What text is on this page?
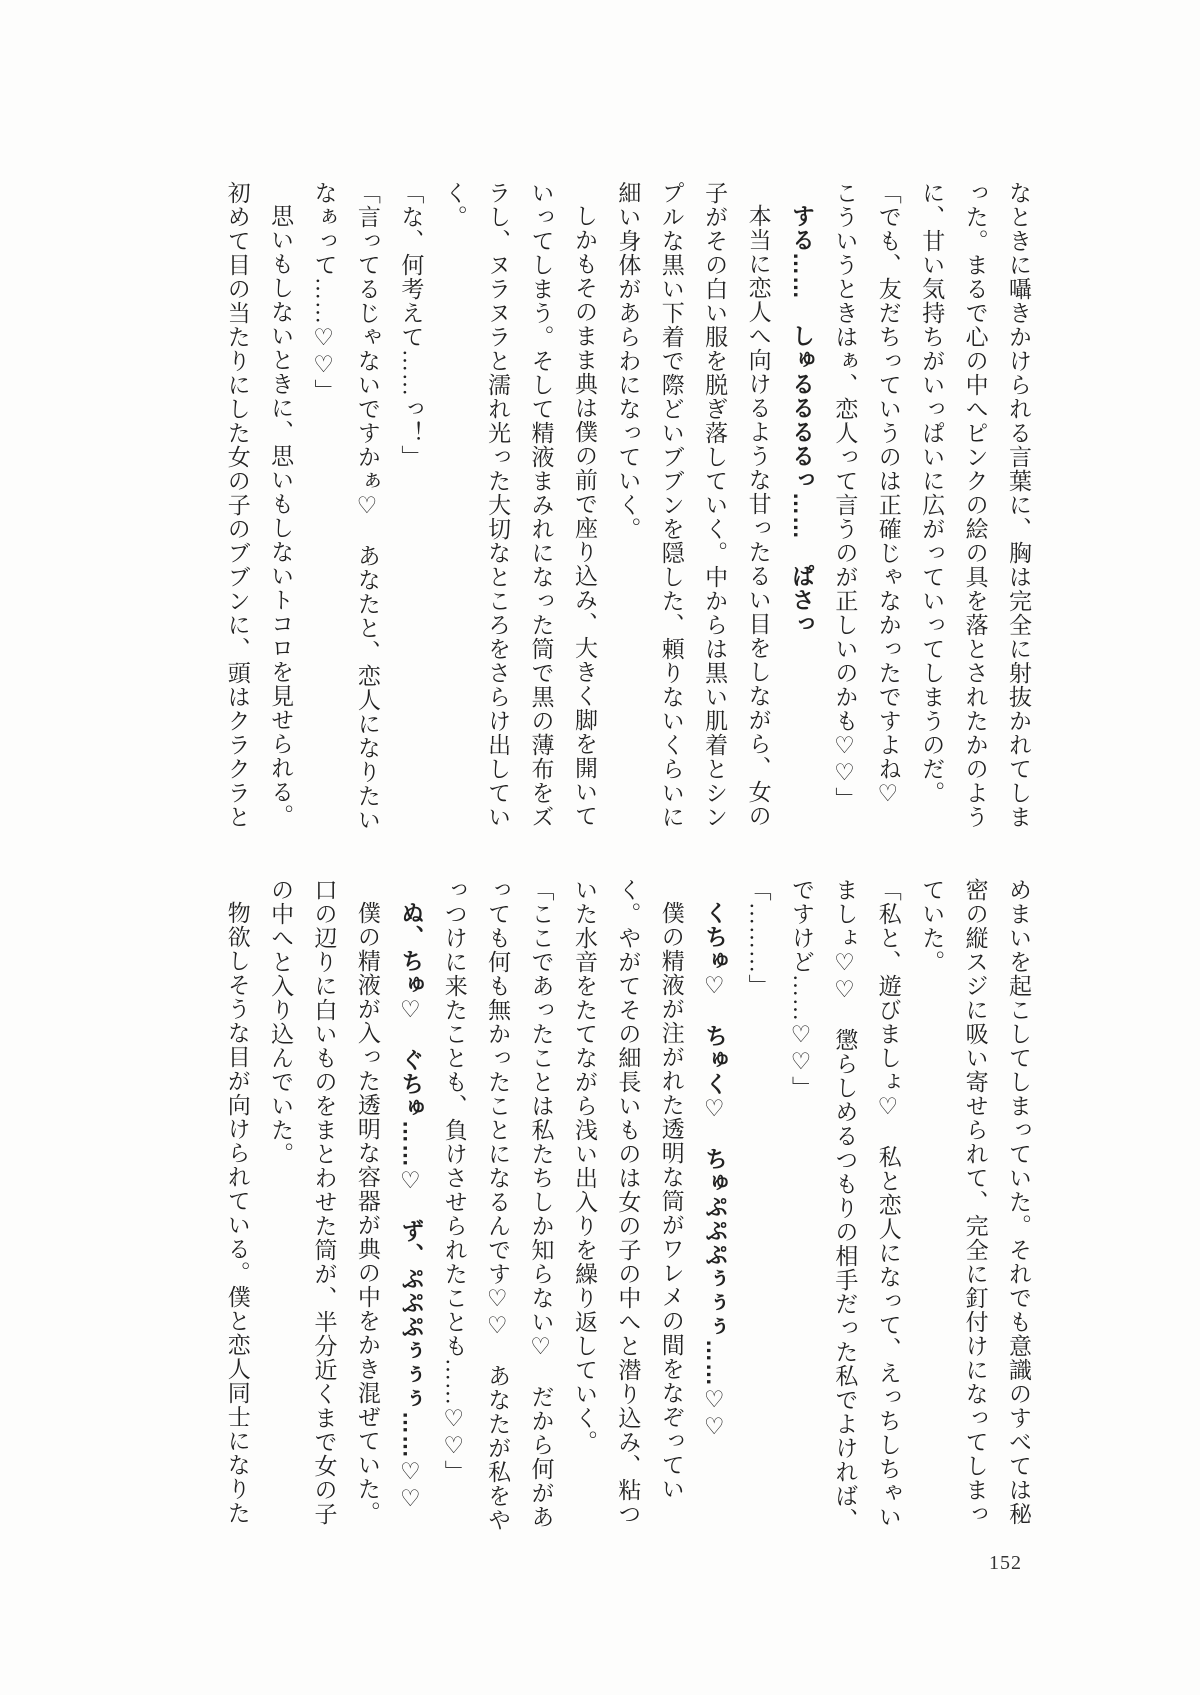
なときに囁きかけられる言葉に、胸は完全に射抜かれてしまった。まるで心の中へピンクの絵の具を落とされたかのように、甘い気持ちがいっぱいに広がっていってしまうのだ。

「でも、友だちっていうのは正確じゃなかったですよね♡　こういうときはぁ、恋人って言うのが正しいのかも♡♡」

する……　しゅるるるるっ……　ぱさっ

本当に恋人へ向けるような甘ったるい目をしながら、女の子がその白い服を脱ぎ落していく。中からは黒い肌着とシンプルな黒い下着で際どいブブンを隠した、頼りないくらいに細い身体があらわになっていく。

しかもそのまま典は僕の前で座り込み、大きく脚を開いていってしまう。そして精液まみれになった筒で黒の薄布をズラし、ヌラヌラと濡れ光った大切なところをさらけ出していく。

「な、何考えて……っ！」

「言ってるじゃないですかぁ♡　あなたと、恋人になりたいなぁって……♡♡」

思いもしないときに、思いもしないトコロを見せられる。初めて目の当たりにした女の子のブブンに、頭はクラクラと

めまいを起こしてしまっていた。それでも意識のすべては秘密の縦スジに吸い寄せられて、完全に釘付けになってしまっていた。

「私と、遊びましょ♡　私と恋人になって、えっちしちゃいましょ♡♡　懲らしめるつもりの相手だった私でよければ、ですけど……♡♡」

「………」

くちゅ♡　ちゅく♡　ちゅぷぷぷぅぅぅ……♡♡

僕の精液が注がれた透明な筒がワレメの間をなぞっていく。やがてその細長いものは女の子の中へと潜り込み、粘ついた水音をたてながら浅い出入りを繰り返していく。

「ここであったことは私たちしか知らない♡　だから何があっても何も無かったことになるんです♡♡　あなたが私をやっつけに来たことも、負けさせられたことも……♡♡」

ぬ、ちゅ♡　ぐちゅ……♡　ず、ぷぷぷぅぅぅ……♡♡

僕の精液が入った透明な容器が典の中をかき混ぜていた。口の辺りに白いものをまとわせた筒が、半分近くまで女の子の中へと入り込んでいた。

物欲しそうな目が向けられている。僕と恋人同士になりた

152
